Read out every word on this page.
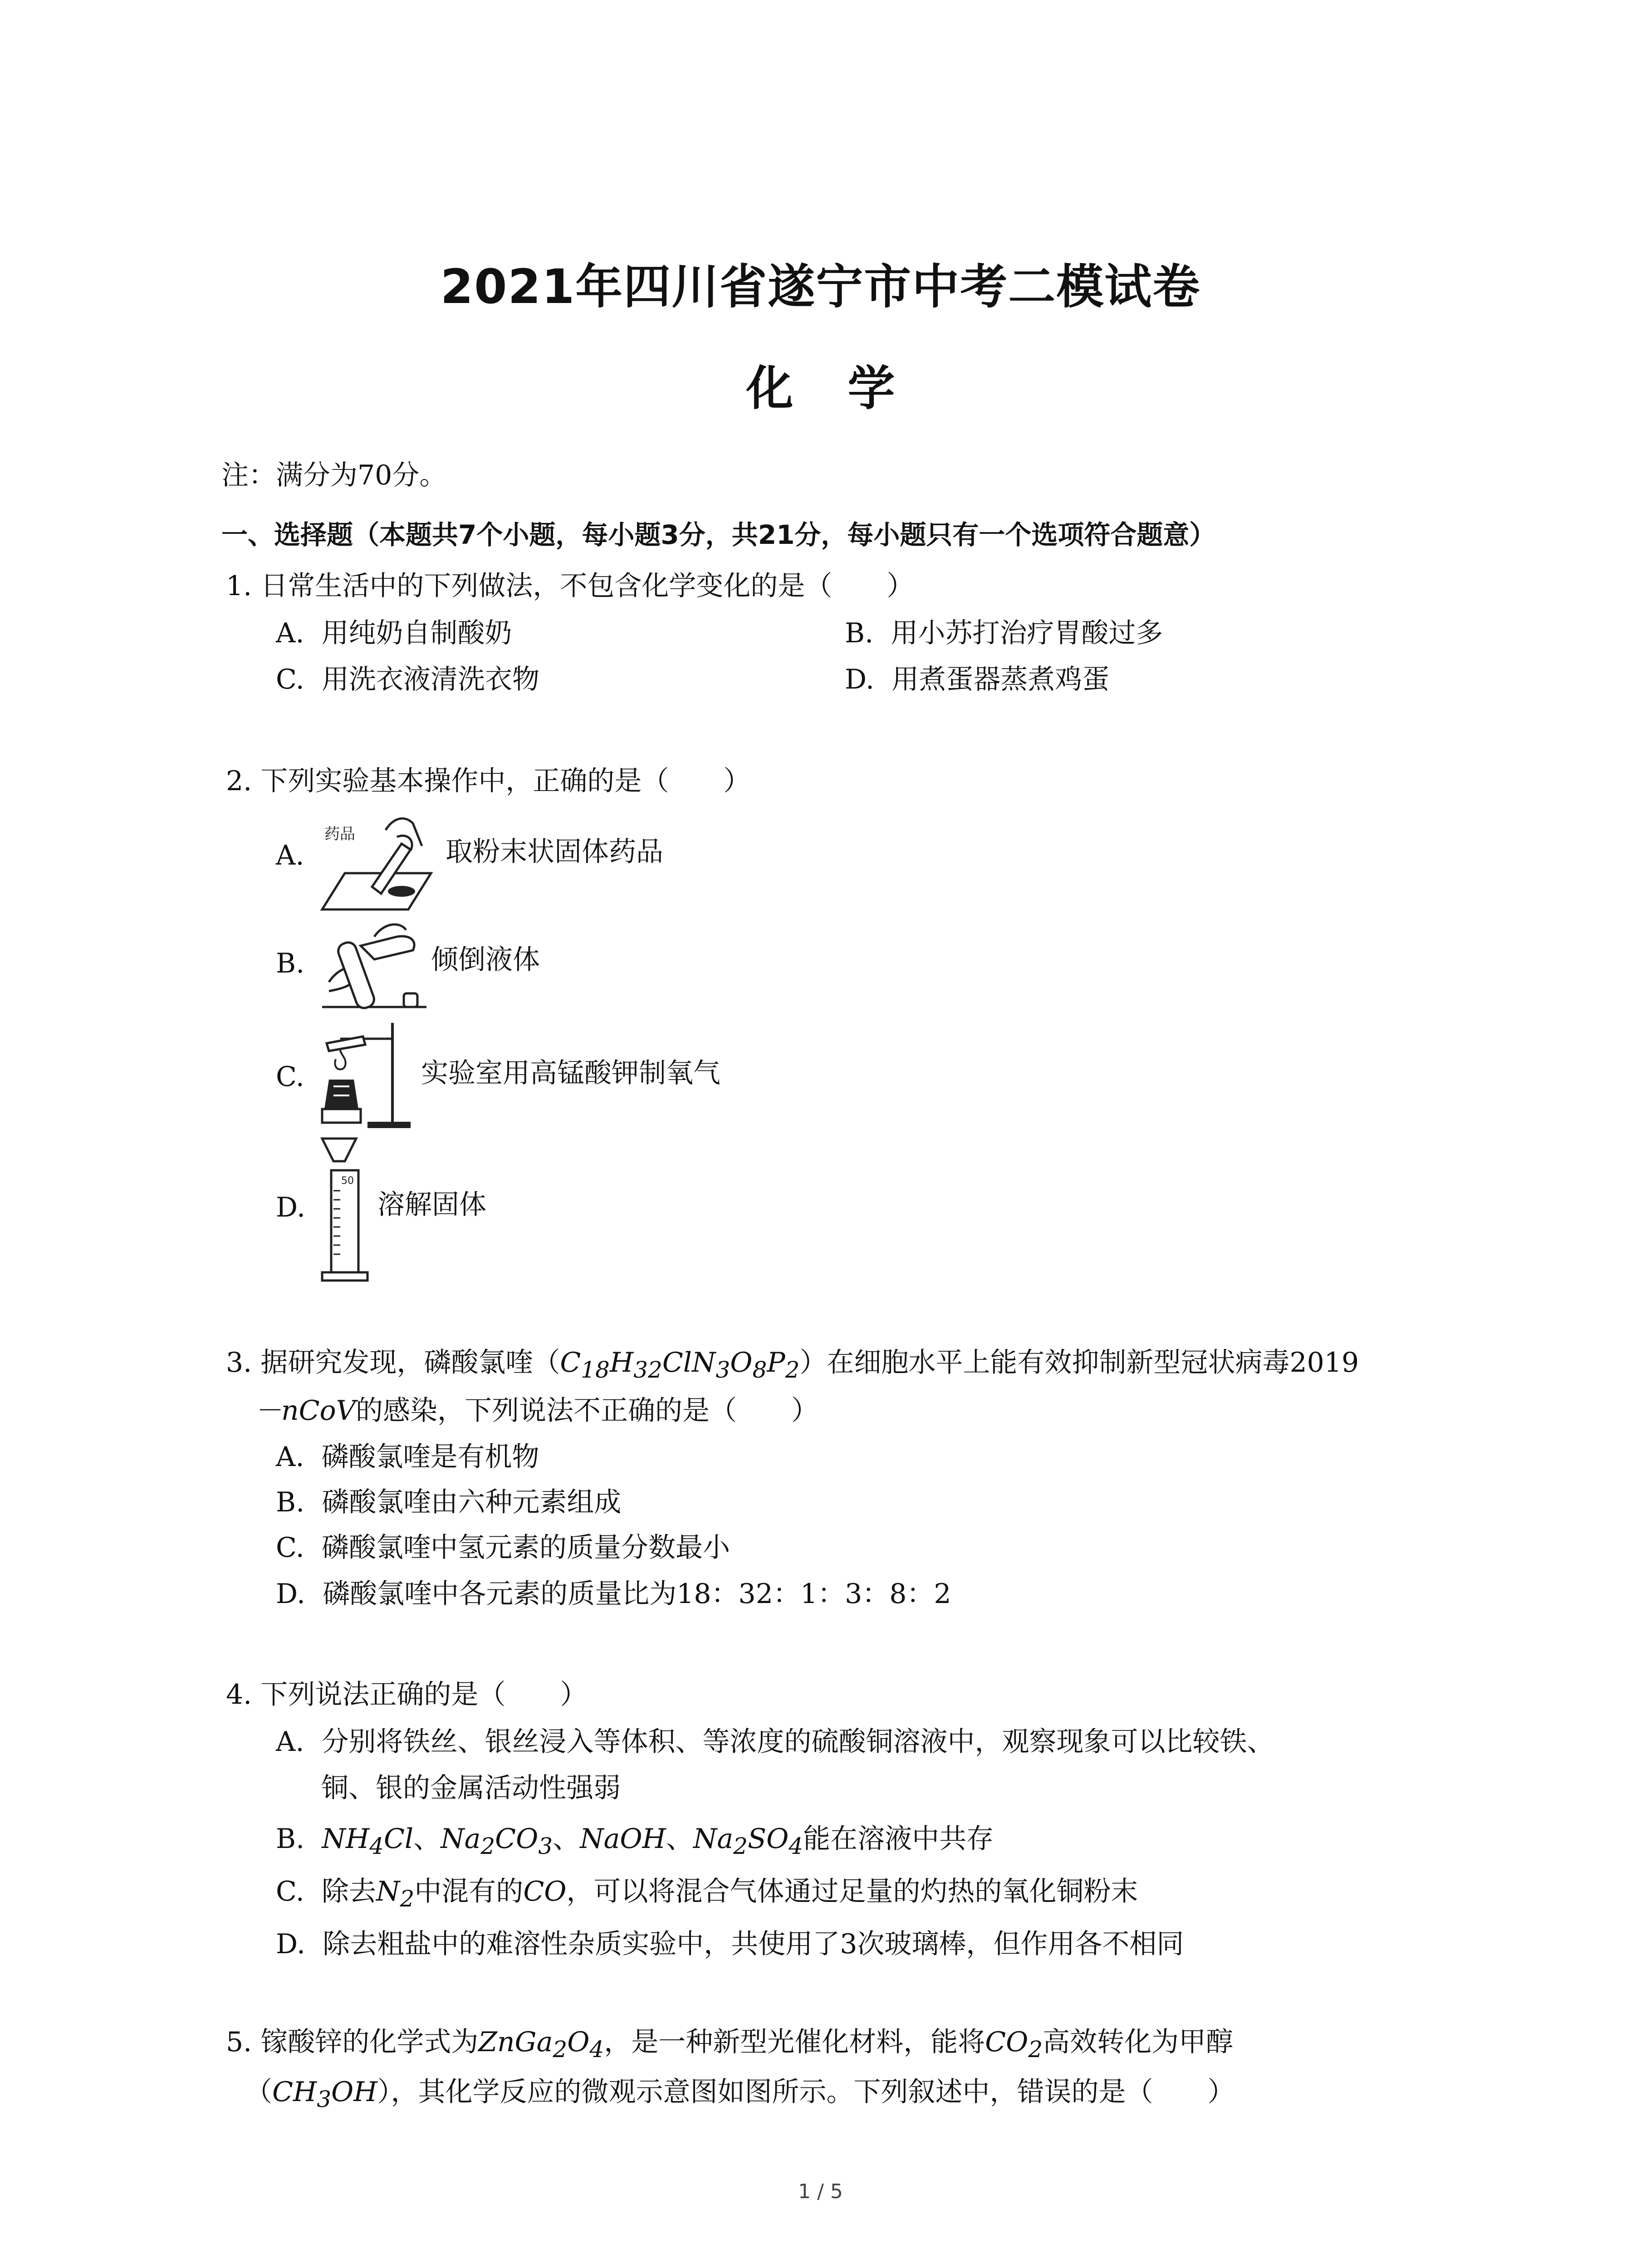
2021年四川省遂宁市中考二模试卷
化学
注：满分为70分。
一、选择题（本题共7个小题，每小题3分，共21分，每小题只有一个选项符合题意）
1. 日常生活中的下列做法，不包含化学变化的是（　　）
A. 用纯奶自制酸奶	B. 用小苏打治疗胃酸过多
C. 用洗衣液清洗衣物	D. 用煮蛋器蒸煮鸡蛋
2. 下列实验基本操作中，正确的是（　　）
A.
药品
取粉末状固体药品
B.	倾倒液体
C.	实验室用高锰酸钾制氧气
D.
50
溶解固体
3. 据研究发现，磷酸氯喹$(C_{18}H_{32}ClN_3O_8P_2)$在细胞水平上能有效抑制新型冠状病毒2019
－nCoV的感染，下列说法不正确的是（　　）
A. 磷酸氯喹是有机物
B. 磷酸氯喹由六种元素组成
C. 磷酸氯喹中氢元素的质量分数最小
D. 磷酸氯喹中各元素的质量比为18：32：1：3：8：2
4. 下列说法正确的是（　　）
A. 分别将铁丝、银丝浸入等体积、等浓度的硫酸铜溶液中，观察现象可以比较铁、
铜、银的金属活动性强弱
B. $NH_4Cl$、$Na_2CO_3$、NaOH、$Na_2SO_4$能在溶液中共存
C. 除去$N_2$中混有的CO，可以将混合气体通过足量的灼热的氧化铜粉末
D. 除去粗盐中的难溶性杂质实验中，共使用了3次玻璃棒，但作用各不相同
5. 镓酸锌的化学式为$ZnGa_2O_4$，是一种新型光催化材料，能将$CO_2$高效转化为甲醇
$(CH_3OH)$，其化学反应的微观示意图如图所示。下列叙述中，错误的是（　　）
1 / 5
